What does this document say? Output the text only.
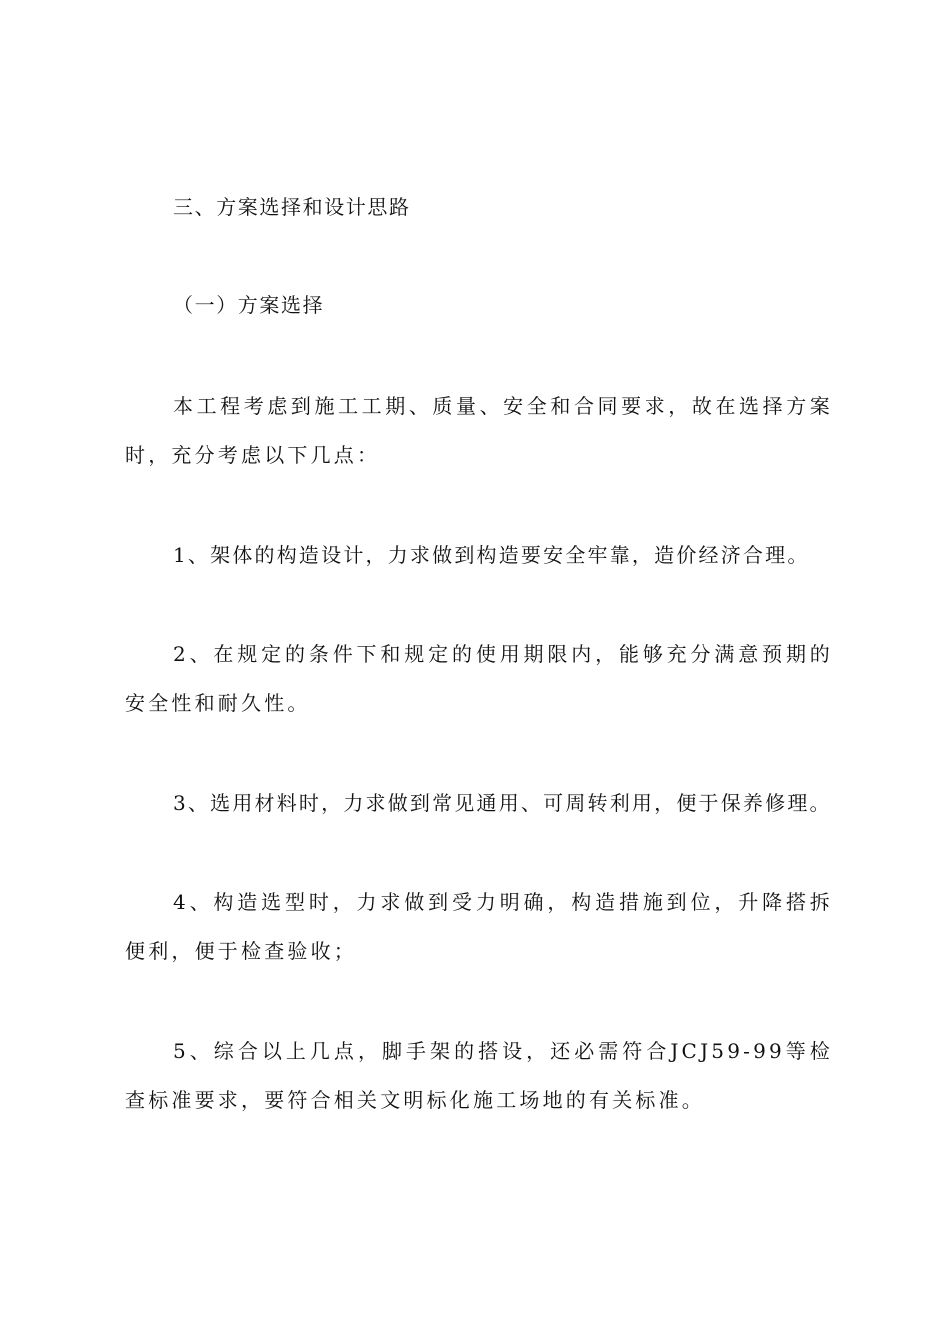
三、方案选择和设计思路
（一）方案选择
本工程考虑到施工工期、质量、安全和合同要求，故在选择方案时，充分考虑以下几点：
1、架体的构造设计，力求做到构造要安全牢靠，造价经济合理。
2、在规定的条件下和规定的使用期限内，能够充分满意预期的安全性和耐久性。
3、选用材料时，力求做到常见通用、可周转利用，便于保养修理。
4、构造选型时，力求做到受力明确，构造措施到位，升降搭拆便利，便于检查验收；
5、综合以上几点，脚手架的搭设，还必需符合JCJ59-99等检查标准要求，要符合相关文明标化施工场地的有关标准。
